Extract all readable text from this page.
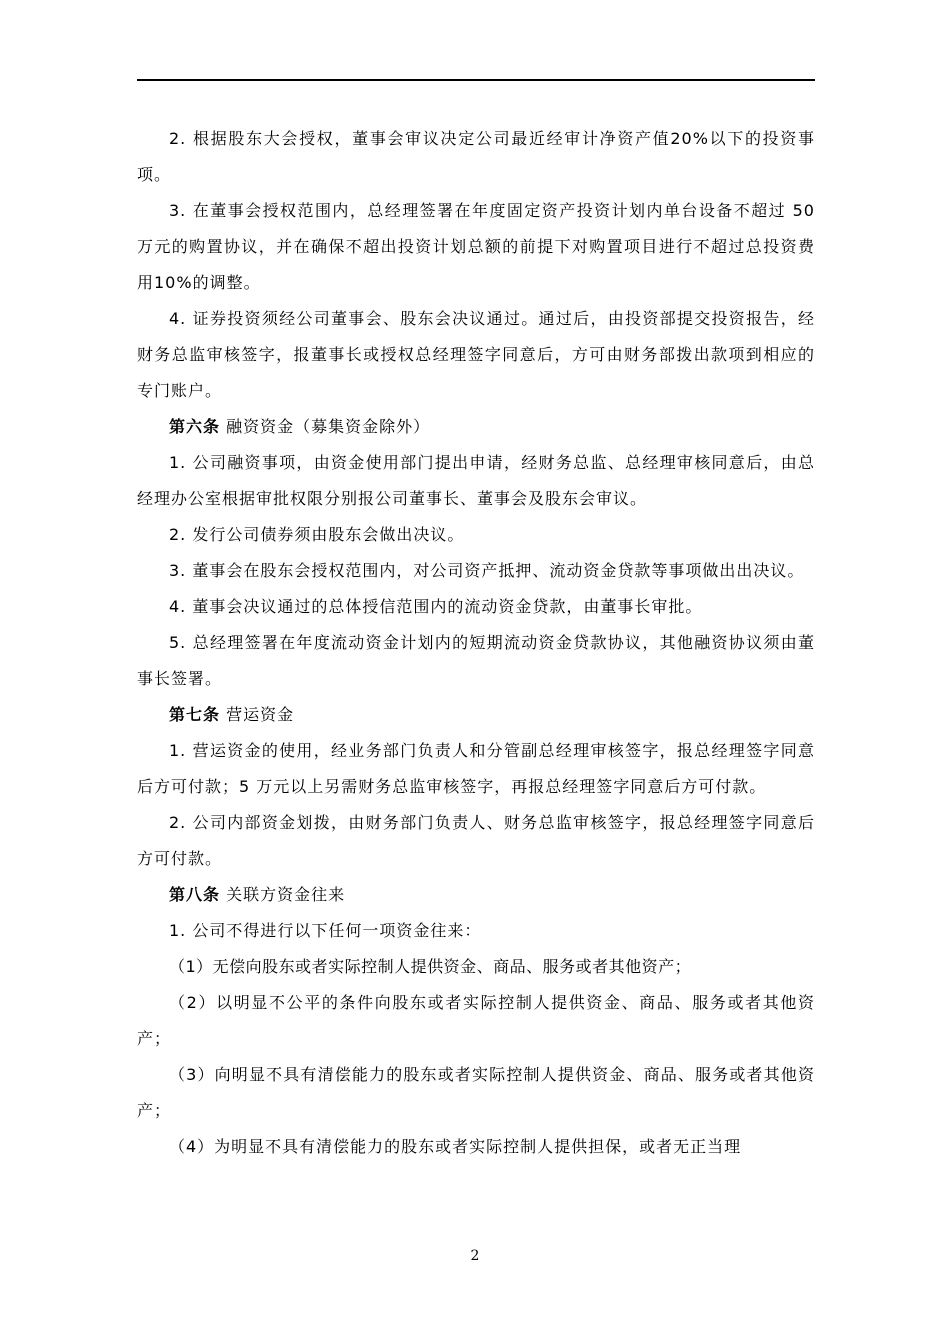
2. 根据股东大会授权，董事会审议决定公司最近经审计净资产值20%以下的投资事项。

3. 在董事会授权范围内，总经理签署在年度固定资产投资计划内单台设备不超过 50 万元的购置协议，并在确保不超出投资计划总额的前提下对购置项目进行不超过总投资费用10%的调整。

4. 证券投资须经公司董事会、股东会决议通过。通过后，由投资部提交投资报告，经财务总监审核签字，报董事长或授权总经理签字同意后，方可由财务部拨出款项到相应的专门账户。

第六条 融资资金（募集资金除外）

1. 公司融资事项，由资金使用部门提出申请，经财务总监、总经理审核同意后，由总经理办公室根据审批权限分别报公司董事长、董事会及股东会审议。

2. 发行公司债券须由股东会做出决议。

3. 董事会在股东会授权范围内，对公司资产抵押、流动资金贷款等事项做出出决议。

4. 董事会决议通过的总体授信范围内的流动资金贷款，由董事长审批。

5. 总经理签署在年度流动资金计划内的短期流动资金贷款协议，其他融资协议须由董事长签署。

第七条 营运资金

1. 营运资金的使用，经业务部门负责人和分管副总经理审核签字，报总经理签字同意后方可付款；5 万元以上另需财务总监审核签字，再报总经理签字同意后方可付款。

2. 公司内部资金划拨，由财务部门负责人、财务总监审核签字，报总经理签字同意后方可付款。

第八条 关联方资金往来

1. 公司不得进行以下任何一项资金往来：

（1）无偿向股东或者实际控制人提供资金、商品、服务或者其他资产；

（2）以明显不公平的条件向股东或者实际控制人提供资金、商品、服务或者其他资产；

（3）向明显不具有清偿能力的股东或者实际控制人提供资金、商品、服务或者其他资产；

（4）为明显不具有清偿能力的股东或者实际控制人提供担保，或者无正当理

2
